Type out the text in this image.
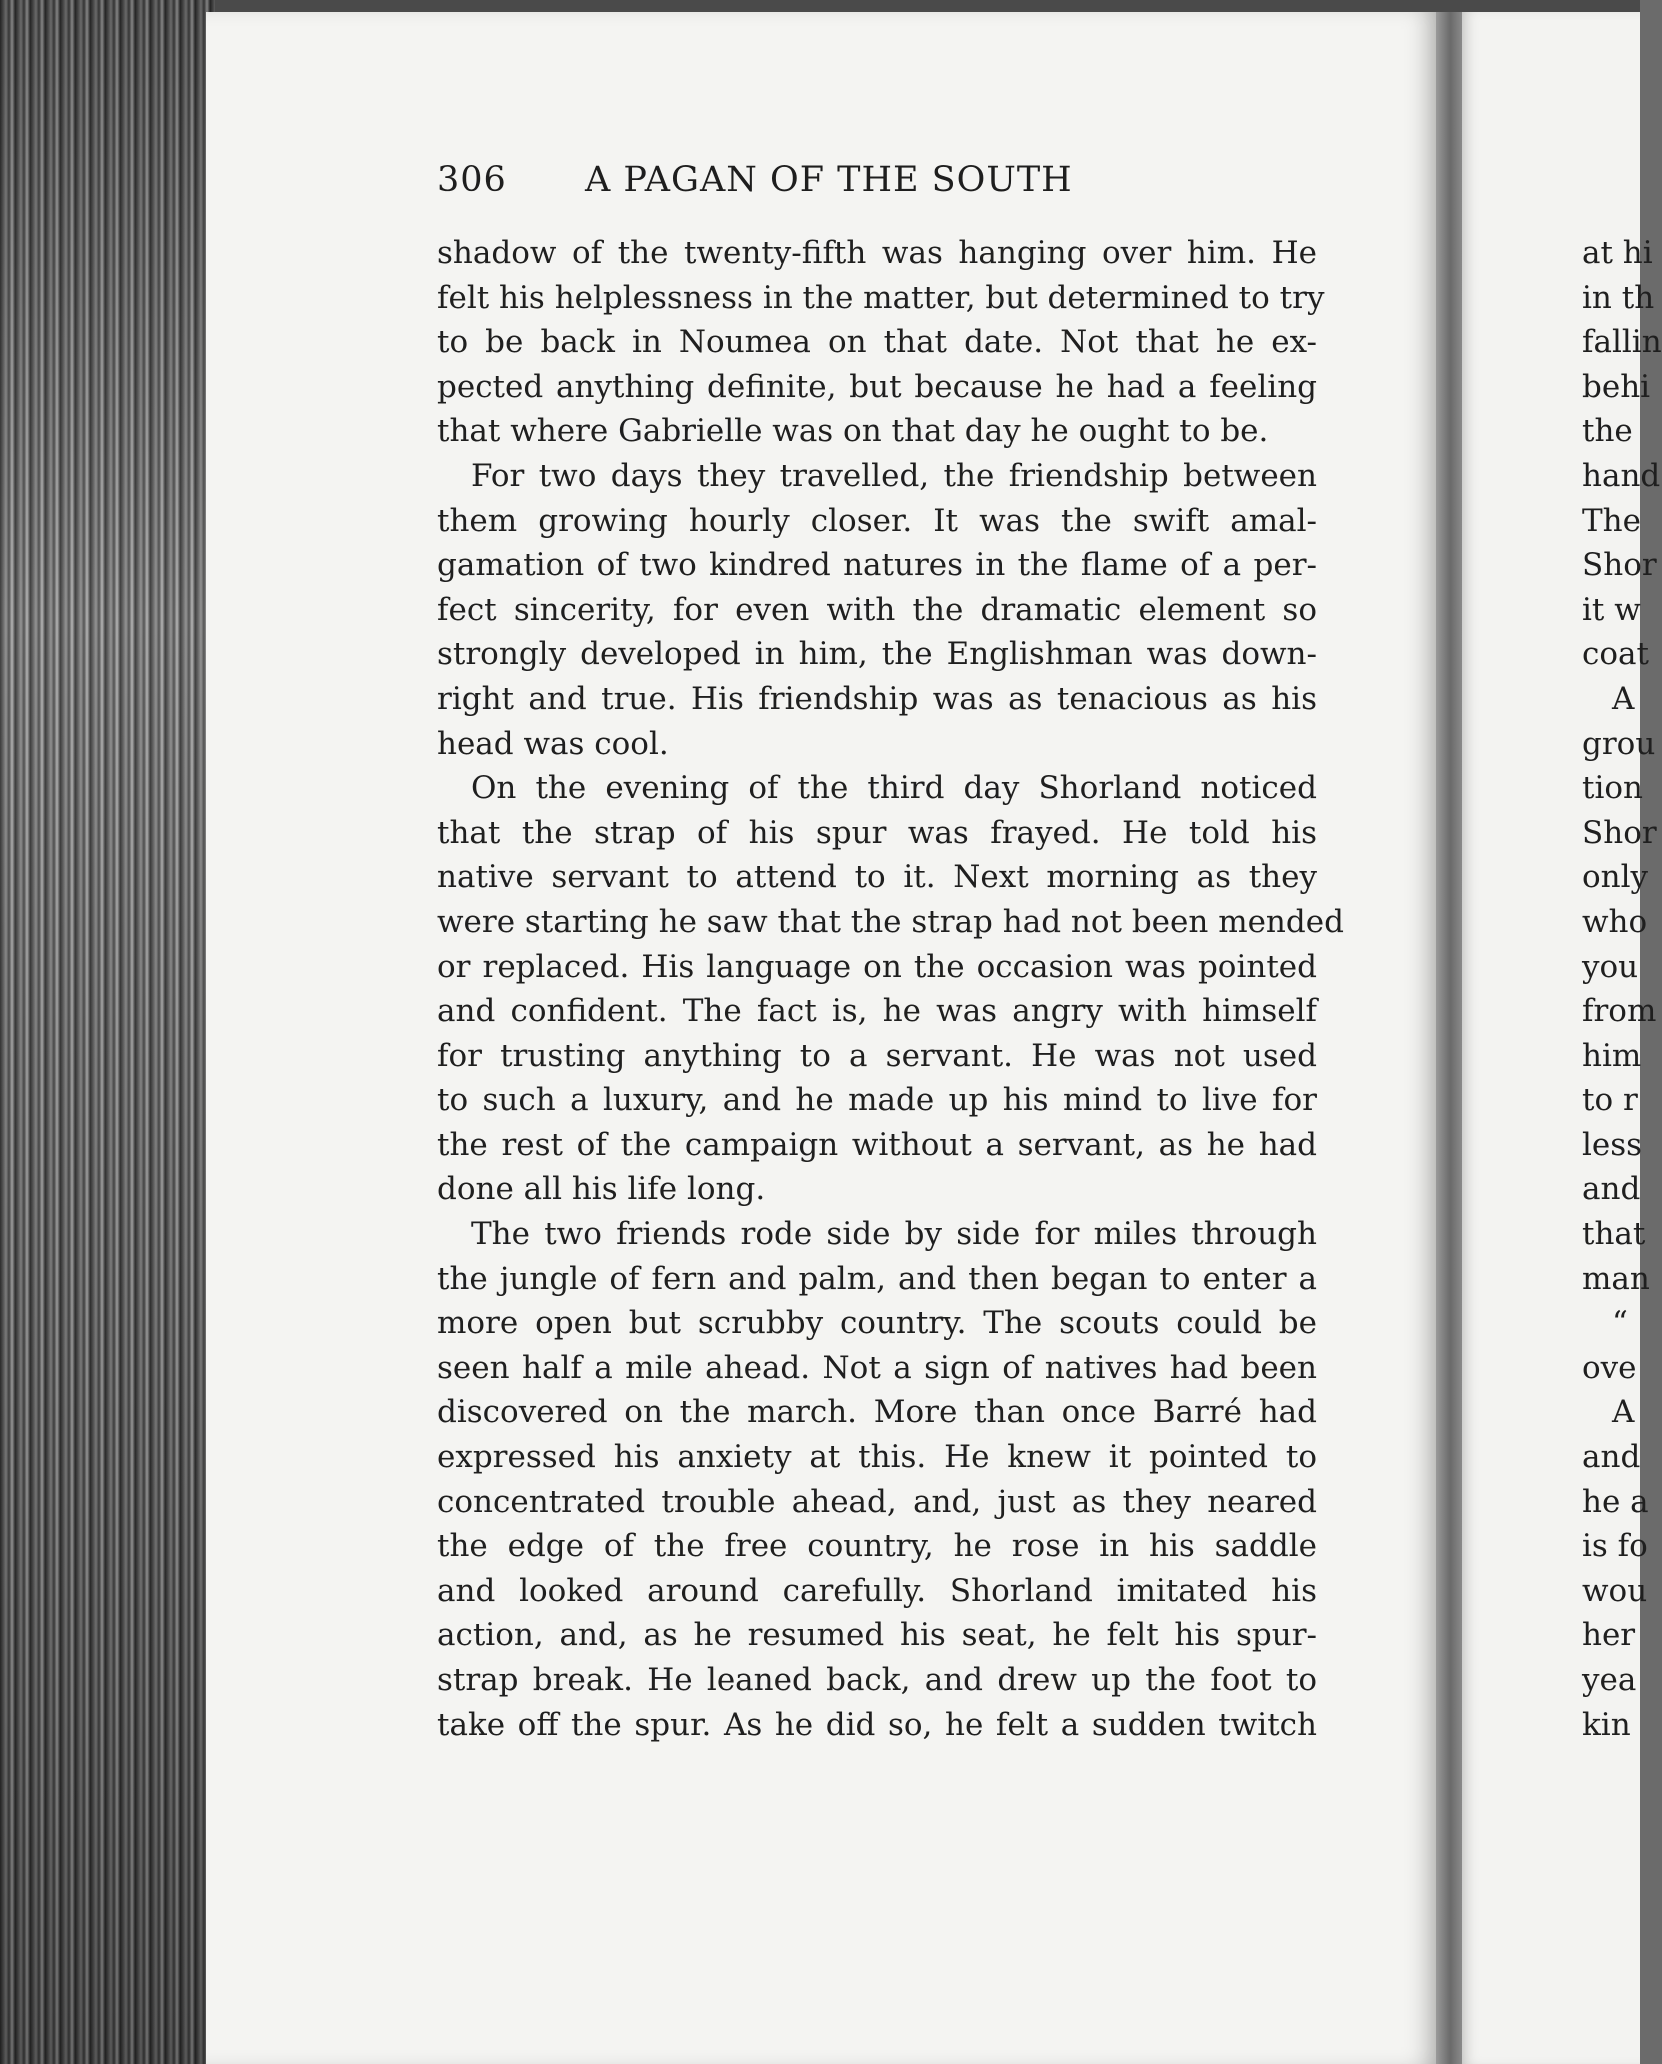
306 A PAGAN OF THE SOUTH
shadow of the twenty-fifth was hanging over him. He
felt his helplessness in the matter, but determined to try
to be back in Noumea on that date. Not that he ex-
pected anything definite, but because he had a feeling
that where Gabrielle was on that day he ought to be.
For two days they travelled, the friendship between
them growing hourly closer. It was the swift amal-
gamation of two kindred natures in the flame of a per-
fect sincerity, for even with the dramatic element so
strongly developed in him, the Englishman was down-
right and true. His friendship was as tenacious as his
head was cool.
On the evening of the third day Shorland noticed
that the strap of his spur was frayed. He told his
native servant to attend to it. Next morning as they
were starting he saw that the strap had not been mended
or replaced. His language on the occasion was pointed
and confident. The fact is, he was angry with himself
for trusting anything to a servant. He was not used
to such a luxury, and he made up his mind to live for
the rest of the campaign without a servant, as he had
done all his life long.
The two friends rode side by side for miles through
the jungle of fern and palm, and then began to enter a
more open but scrubby country. The scouts could be
seen half a mile ahead. Not a sign of natives had been
discovered on the march. More than once Barré had
expressed his anxiety at this. He knew it pointed to
concentrated trouble ahead, and, just as they neared
the edge of the free country, he rose in his saddle
and looked around carefully. Shorland imitated his
action, and, as he resumed his seat, he felt his spur-
strap break. He leaned back, and drew up the foot to
take off the spur. As he did so, he felt a sudden twitch
at hi
in th
fallin
behi
the
hand
The
Shor
it w
coat
A
grou
tion
Shor
only
who
you
from
him
to r
less
and
that
man
“
ove
A
and
he a
is fo
wou
her
yea
kin
